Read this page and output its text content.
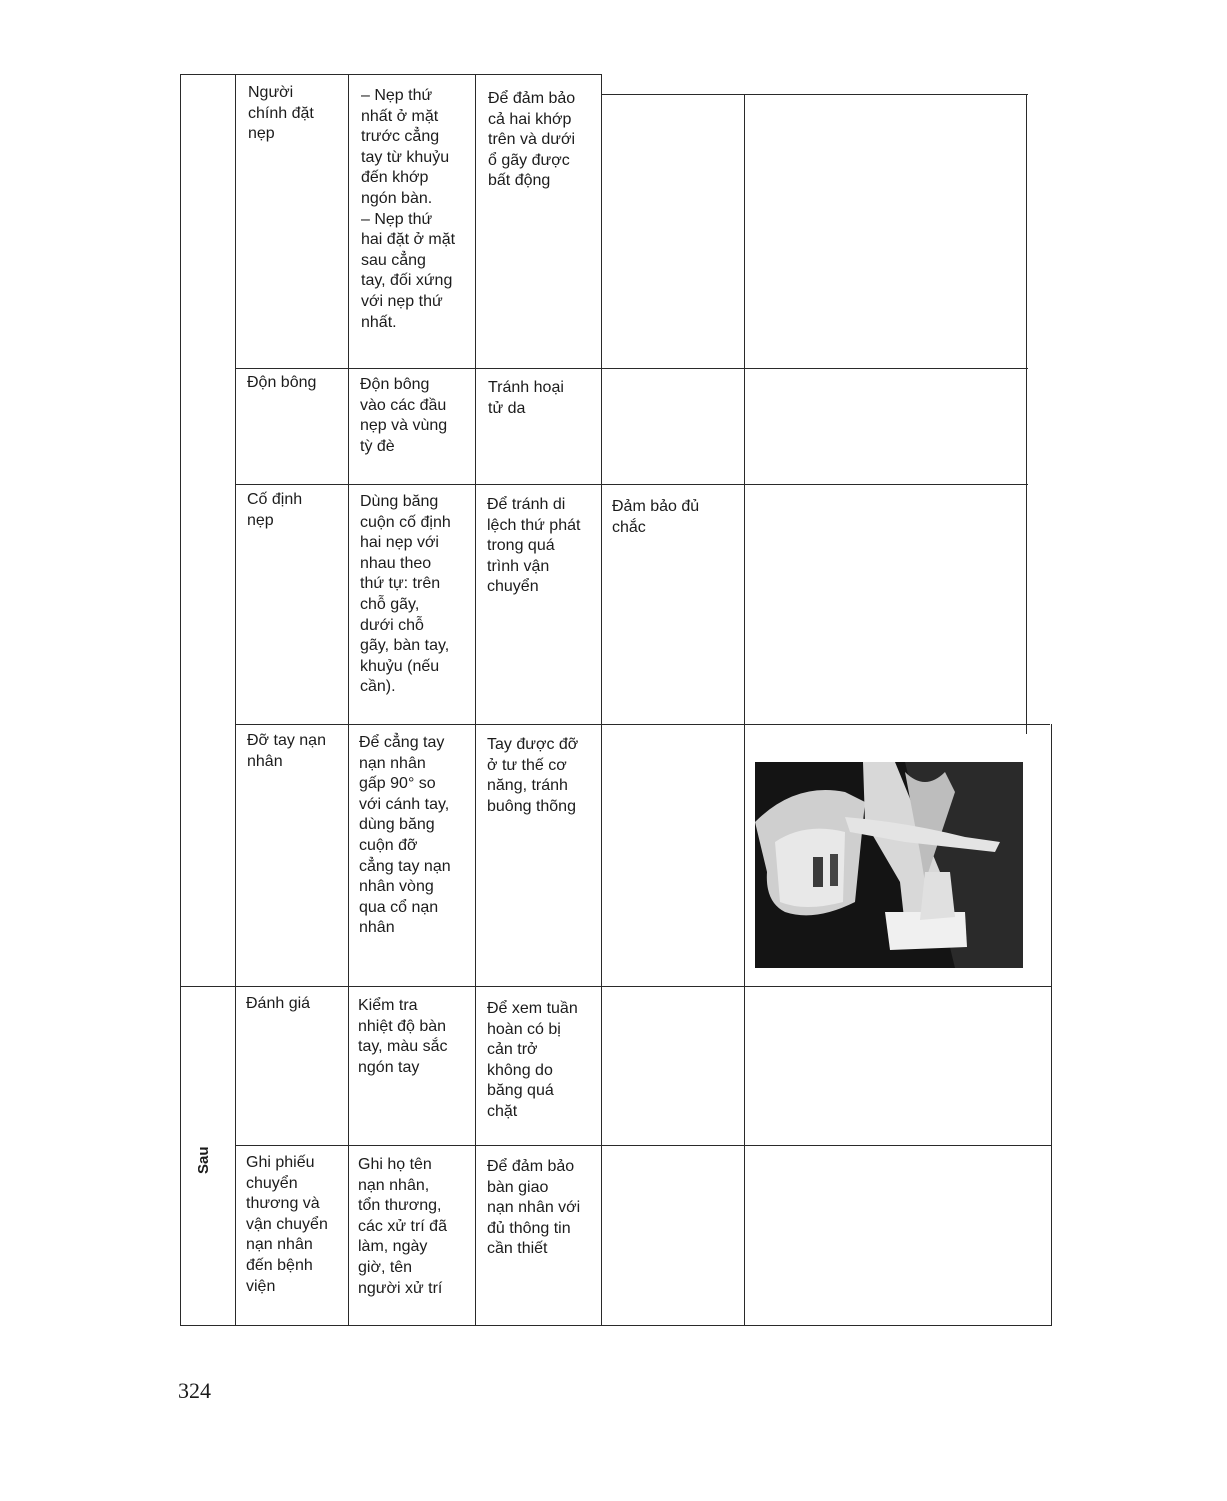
Người
chính đặt
nẹp
– Nẹp thứ
nhất ở mặt
trước cẳng
tay từ khuỷu
đến khớp
ngón bàn.
– Nẹp thứ
hai đặt ở mặt
sau cẳng
tay, đối xứng
với nẹp thứ
nhất.
Để đảm bảo
cả hai khớp
trên và dưới
ổ gãy được
bất động
Độn bông	Độn bông
vào các đầu
nẹp và vùng
tỳ đè
Tránh hoại
tử da
Cố định
nẹp
Dùng băng
cuộn cố định
hai nẹp với
nhau theo
thứ tự: trên
chỗ gãy,
dưới chỗ
gãy, bàn tay,
khuỷu (nếu
cần).
Để tránh di
lệch thứ phát
trong quá
trình vận
chuyển
Đảm bảo đủ
chắc
Đỡ tay nạn
nhân
Để cẳng tay
nạn nhân
gấp 90° so
với cánh tay,
dùng băng
cuộn đỡ
cẳng tay nạn
nhân vòng
qua cổ nạn
nhân
Tay được đỡ
ở tư thế cơ
năng, tránh
buông thõng
Đánh giá	Kiểm tra
nhiệt độ bàn
tay, màu sắc
ngón tay
Để xem tuần
hoàn có bị
cản trở
không do
băng quá
chặt
Sau Ghi phiếu
chuyển
thương và
vận chuyển
nạn nhân
đến bệnh
viện
Ghi họ tên
nạn nhân,
tổn thương,
các xử trí đã
làm, ngày
giờ, tên
người xử trí
Để đảm bảo
bàn giao
nạn nhân với
đủ thông tin
cần thiết
324
